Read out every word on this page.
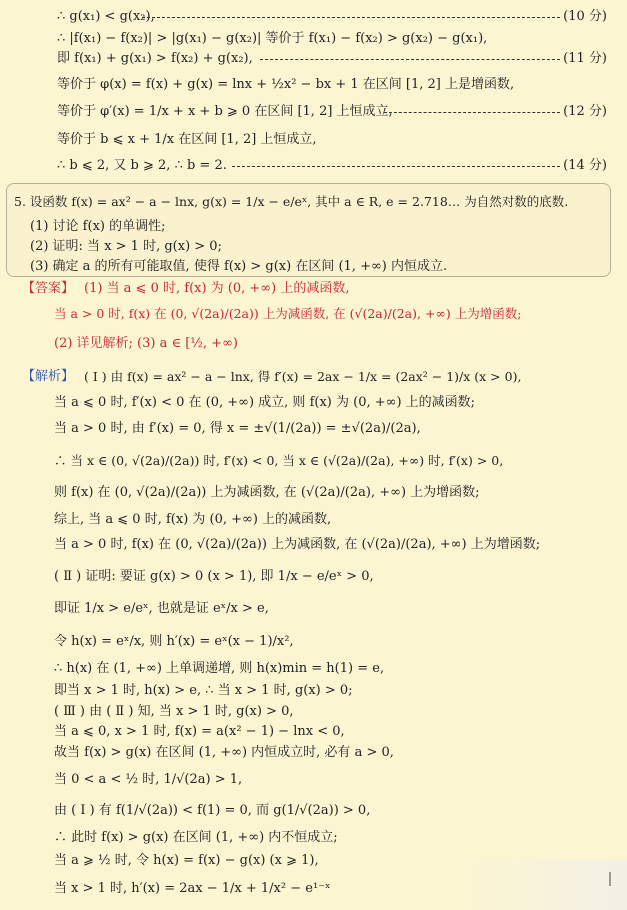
∴ g(x₁) < g(x₂),	(10 分)
∴ |f(x₁) − f(x₂)| > |g(x₁) − g(x₂)| 等价于 f(x₁) − f(x₂) > g(x₂) − g(x₁),
即 f(x₁) + g(x₁) > f(x₂) + g(x₂),	(11 分)
等价于 φ(x) = f(x) + g(x) = lnx + ½x² − bx + 1 在区间 [1, 2] 上是增函数,
等价于 φ′(x) = 1/x + x + b ⩾ 0 在区间 [1, 2] 上恒成立,	(12 分)
等价于 b ⩽ x + 1/x 在区间 [1, 2] 上恒成立,
∴ b ⩽ 2, 又 b ⩾ 2, ∴ b = 2.	(14 分)
5. 设函数 f(x) = ax² − a − lnx, g(x) = 1/x − e/eˣ, 其中 a ∈ R, e = 2.718… 为自然对数的底数.
(1) 讨论 f(x) 的单调性;
(2) 证明: 当 x > 1 时, g(x) > 0;
(3) 确定 a 的所有可能取值, 使得 f(x) > g(x) 在区间 (1, +∞) 内恒成立.
【答案】 (1) 当 a ⩽ 0 时, f(x) 为 (0, +∞) 上的减函数,
当 a > 0 时, f(x) 在 (0, √(2a)/(2a)) 上为减函数, 在 (√(2a)/(2a), +∞) 上为增函数;
(2) 详见解析; (3) a ∈ [½, +∞)
【解析】 ( Ⅰ ) 由 f(x) = ax² − a − lnx, 得 f′(x) = 2ax − 1/x = (2ax² − 1)/x (x > 0),
当 a ⩽ 0 时, f′(x) < 0 在 (0, +∞) 成立, 则 f(x) 为 (0, +∞) 上的减函数;
当 a > 0 时, 由 f′(x) = 0, 得 x = ±√(1/(2a)) = ±√(2a)/(2a),
∴ 当 x ∈ (0, √(2a)/(2a)) 时, f′(x) < 0, 当 x ∈ (√(2a)/(2a), +∞) 时, f′(x) > 0,
则 f(x) 在 (0, √(2a)/(2a)) 上为减函数, 在 (√(2a)/(2a), +∞) 上为增函数;
综上, 当 a ⩽ 0 时, f(x) 为 (0, +∞) 上的减函数,
当 a > 0 时, f(x) 在 (0, √(2a)/(2a)) 上为减函数, 在 (√(2a)/(2a), +∞) 上为增函数;
( Ⅱ ) 证明: 要证 g(x) > 0 (x > 1), 即 1/x − e/eˣ > 0,
即证 1/x > e/eˣ, 也就是证 eˣ/x > e,
令 h(x) = eˣ/x, 则 h′(x) = eˣ(x − 1)/x²,
∴ h(x) 在 (1, +∞) 上单调递增, 则 h(x)min = h(1) = e,
即当 x > 1 时, h(x) > e, ∴ 当 x > 1 时, g(x) > 0;
( Ⅲ ) 由 ( Ⅱ ) 知, 当 x > 1 时, g(x) > 0,
当 a ⩽ 0, x > 1 时, f(x) = a(x² − 1) − lnx < 0,
故当 f(x) > g(x) 在区间 (1, +∞) 内恒成立时, 必有 a > 0,
当 0 < a < ½ 时, 1/√(2a) > 1,
由 ( Ⅰ ) 有 f(1/√(2a)) < f(1) = 0, 而 g(1/√(2a)) > 0,
∴ 此时 f(x) > g(x) 在区间 (1, +∞) 内不恒成立;
当 a ⩾ ½ 时, 令 h(x) = f(x) − g(x) (x ⩾ 1),
当 x > 1 时, h′(x) = 2ax − 1/x + 1/x² − e¹⁻ˣ
